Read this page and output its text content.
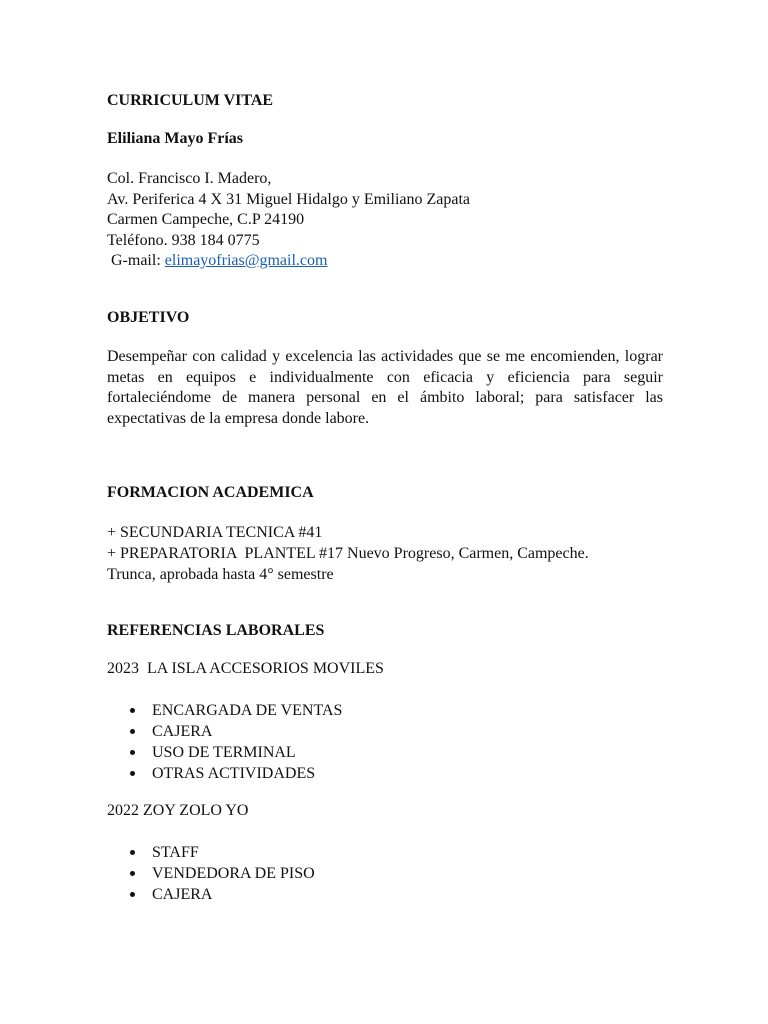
CURRICULUM VITAE
Eliliana Mayo Frías
Col. Francisco I. Madero,
Av. Periferica 4 X 31 Miguel Hidalgo y Emiliano Zapata
Carmen Campeche, C.P 24190
Teléfono. 938 184 0775
G-mail: elimayofrias@gmail.com
OBJETIVO
Desempeñar con calidad y excelencia las actividades que se me encomienden, lograr metas en equipos e individualmente con eficacia y eficiencia para seguir fortaleciéndome de manera personal en el ámbito laboral; para satisfacer las expectativas de la empresa donde labore.
FORMACION ACADEMICA
+ SECUNDARIA TECNICA #41
+ PREPARATORIA  PLANTEL #17 Nuevo Progreso, Carmen, Campeche.
Trunca, aprobada hasta 4° semestre
REFERENCIAS LABORALES
2023  LA ISLA ACCESORIOS MOVILES
ENCARGADA DE VENTAS
CAJERA
USO DE TERMINAL
OTRAS ACTIVIDADES
2022 ZOY ZOLO YO
STAFF
VENDEDORA DE PISO
CAJERA
